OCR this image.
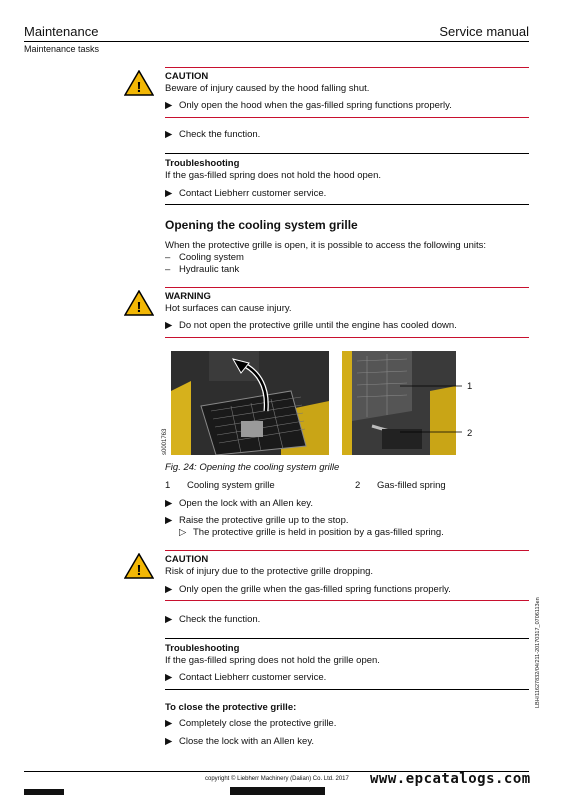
Maintenance	Service manual
Maintenance tasks
!
CAUTION
Beware of injury caused by the hood falling shut.
▶ Only open the hood when the gas-filled spring functions properly.
▶ Check the function.
Troubleshooting
If the gas-filled spring does not hold the hood open.
▶ Contact Liebherr customer service.
Opening the cooling system grille
When the protective grille is open, it is possible to access the following units:
– Cooling system
– Hydraulic tank
!
WARNING
Hot surfaces can cause injury.
▶ Do not open the protective grille until the engine has cooled down.
s0001763
1
2
Fig. 24: Opening the cooling system grille
1 Cooling system grille	2 Gas-filled spring
▶ Open the lock with an Allen key.
▶ Raise the protective grille up to the stop.
▷ The protective grille is held in position by a gas-filled spring.
!
CAUTION
Risk of injury due to the protective grille dropping.
▶ Only open the grille when the gas-filled spring functions properly.
▶ Check the function.
Troubleshooting
If the gas-filled spring does not hold the grille open.
▶ Contact Liebherr customer service.
To close the protective grille:
▶ Completely close the protective grille.
▶ Close the lock with an Allen key.
LBH/11627832/04/211-20170317_0706113en
copyright © Liebherr Machinery (Dalian) Co. Ltd. 2017 www.epcatalogs.com
